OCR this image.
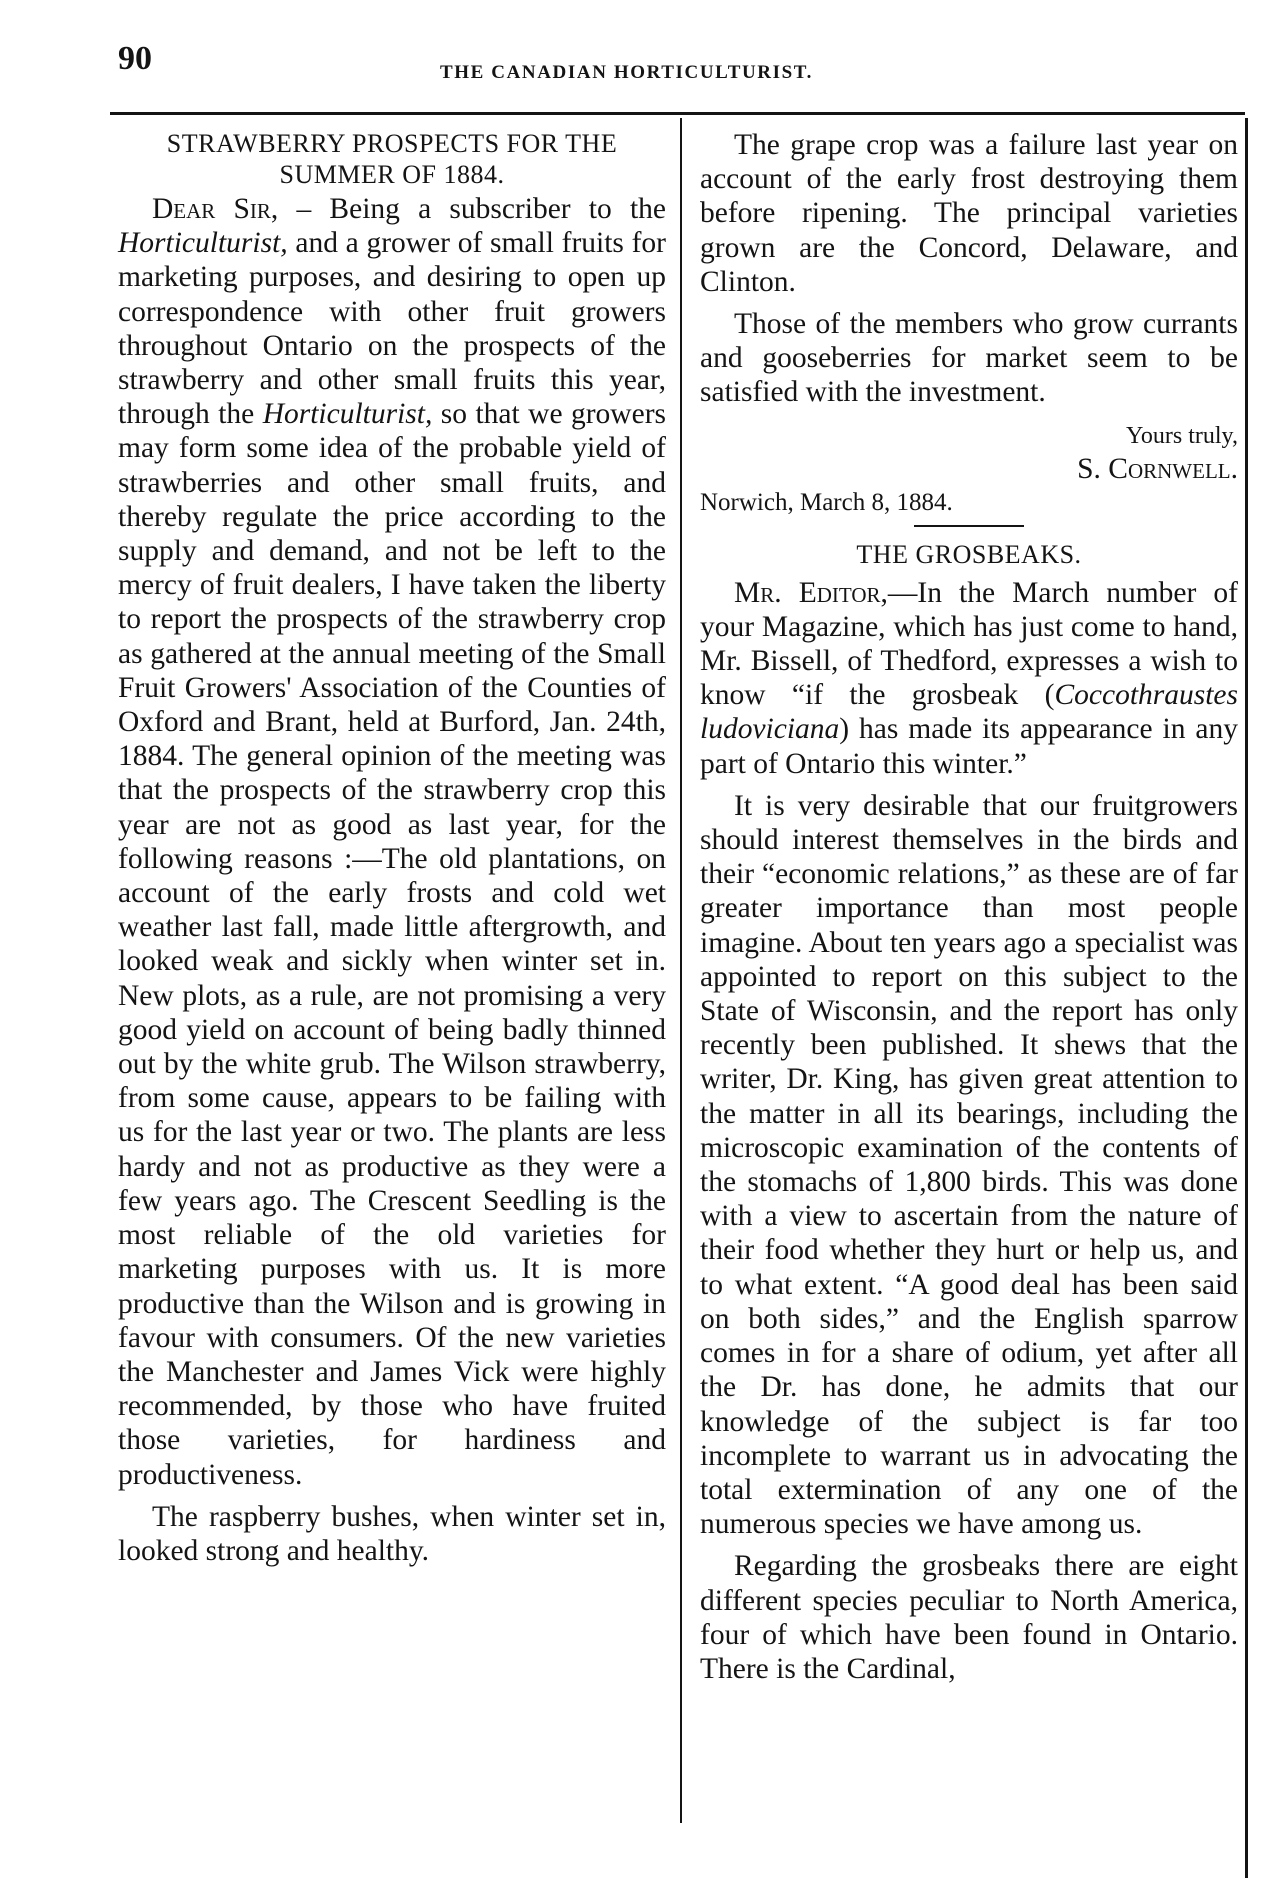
90	THE CANADIAN HORTICULTURIST.
STRAWBERRY PROSPECTS FOR THE
SUMMER OF 1884.

Dear Sir, – Being a subscriber to the Horticulturist, and a grower of small fruits for marketing purposes, and desiring to open up correspondence with other fruit growers throughout Ontario on the prospects of the strawberry and other small fruits this year, through the Horticulturist, so that we growers may form some idea of the probable yield of strawberries and other small fruits, and thereby regulate the price according to the supply and demand, and not be left to the mercy of fruit dealers, I have taken the liberty to report the prospects of the strawberry crop as gathered at the annual meeting of the Small Fruit Growers' Association of the Counties of Oxford and Brant, held at Burford, Jan. 24th, 1884. The general opinion of the meeting was that the prospects of the strawberry crop this year are not as good as last year, for the following reasons :—The old plantations, on account of the early frosts and cold wet weather last fall, made little aftergrowth, and looked weak and sickly when winter set in. New plots, as a rule, are not promising a very good yield on account of being badly thinned out by the white grub. The Wilson strawberry, from some cause, appears to be failing with us for the last year or two. The plants are less hardy and not as productive as they were a few years ago. The Crescent Seedling is the most reliable of the old varieties for marketing purposes with us. It is more productive than the Wilson and is growing in favour with consumers. Of the new varieties the Manchester and James Vick were highly recommended, by those who have fruited those varieties, for hardiness and productiveness.

The raspberry bushes, when winter set in, looked strong and healthy.

The grape crop was a failure last year on account of the early frost destroying them before ripening. The principal varieties grown are the Concord, Delaware, and Clinton.

Those of the members who grow currants and gooseberries for market seem to be satisfied with the investment.

Yours truly,
S. Cornwell.
Norwich, March 8, 1884.
THE GROSBEAKS.

Mr. Editor,—In the March number of your Magazine, which has just come to hand, Mr. Bissell, of Thedford, expresses a wish to know “if the grosbeak (Coccothraustes ludoviciana) has made its appearance in any part of Ontario this winter.”

It is very desirable that our fruitgrowers should interest themselves in the birds and their “economic relations,” as these are of far greater importance than most people imagine. About ten years ago a specialist was appointed to report on this subject to the State of Wisconsin, and the report has only recently been published. It shews that the writer, Dr. King, has given great attention to the matter in all its bearings, including the microscopic examination of the contents of the stomachs of 1,800 birds. This was done with a view to ascertain from the nature of their food whether they hurt or help us, and to what extent. “A good deal has been said on both sides,” and the English sparrow comes in for a share of odium, yet after all the Dr. has done, he admits that our knowledge of the subject is far too incomplete to warrant us in advocating the total extermination of any one of the numerous species we have among us.

Regarding the grosbeaks there are eight different species peculiar to North America, four of which have been found in Ontario. There is the Cardinal,
